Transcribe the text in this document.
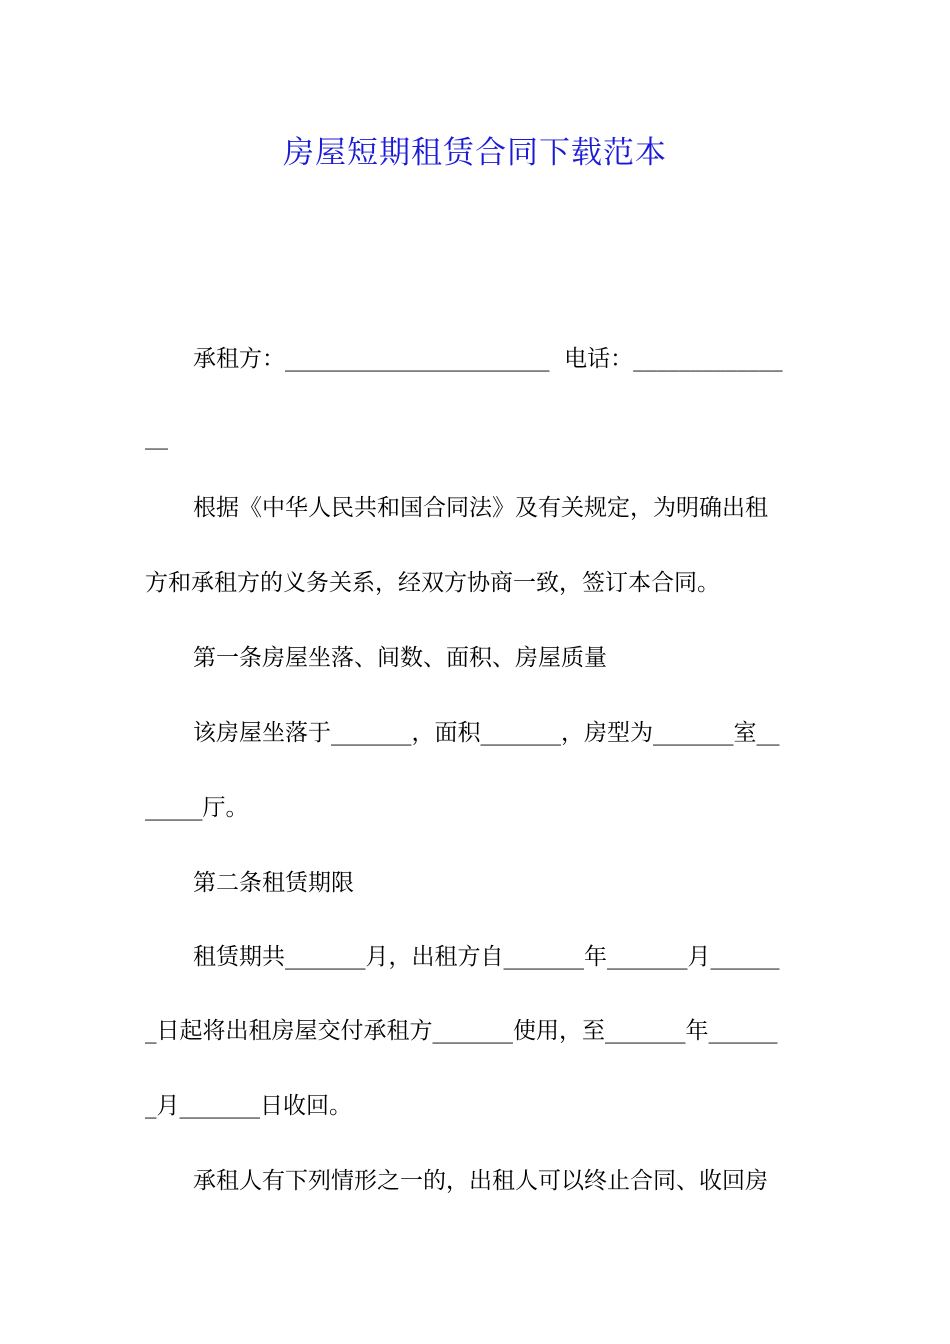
房屋短期租赁合同下载范本
承租方：_______________________  电话：_____________
__
根据《中华人民共和国合同法》及有关规定，为明确出租
方和承租方的义务关系，经双方协商一致，签订本合同。
第一条房屋坐落、间数、面积、房屋质量
该房屋坐落于_______，面积_______，房型为_______室__
_____厅。
第二条租赁期限
租赁期共_______月，出租方自_______年_______月______
_日起将出租房屋交付承租方_______使用，至_______年______
_月_______日收回。
承租人有下列情形之一的，出租人可以终止合同、收回房
